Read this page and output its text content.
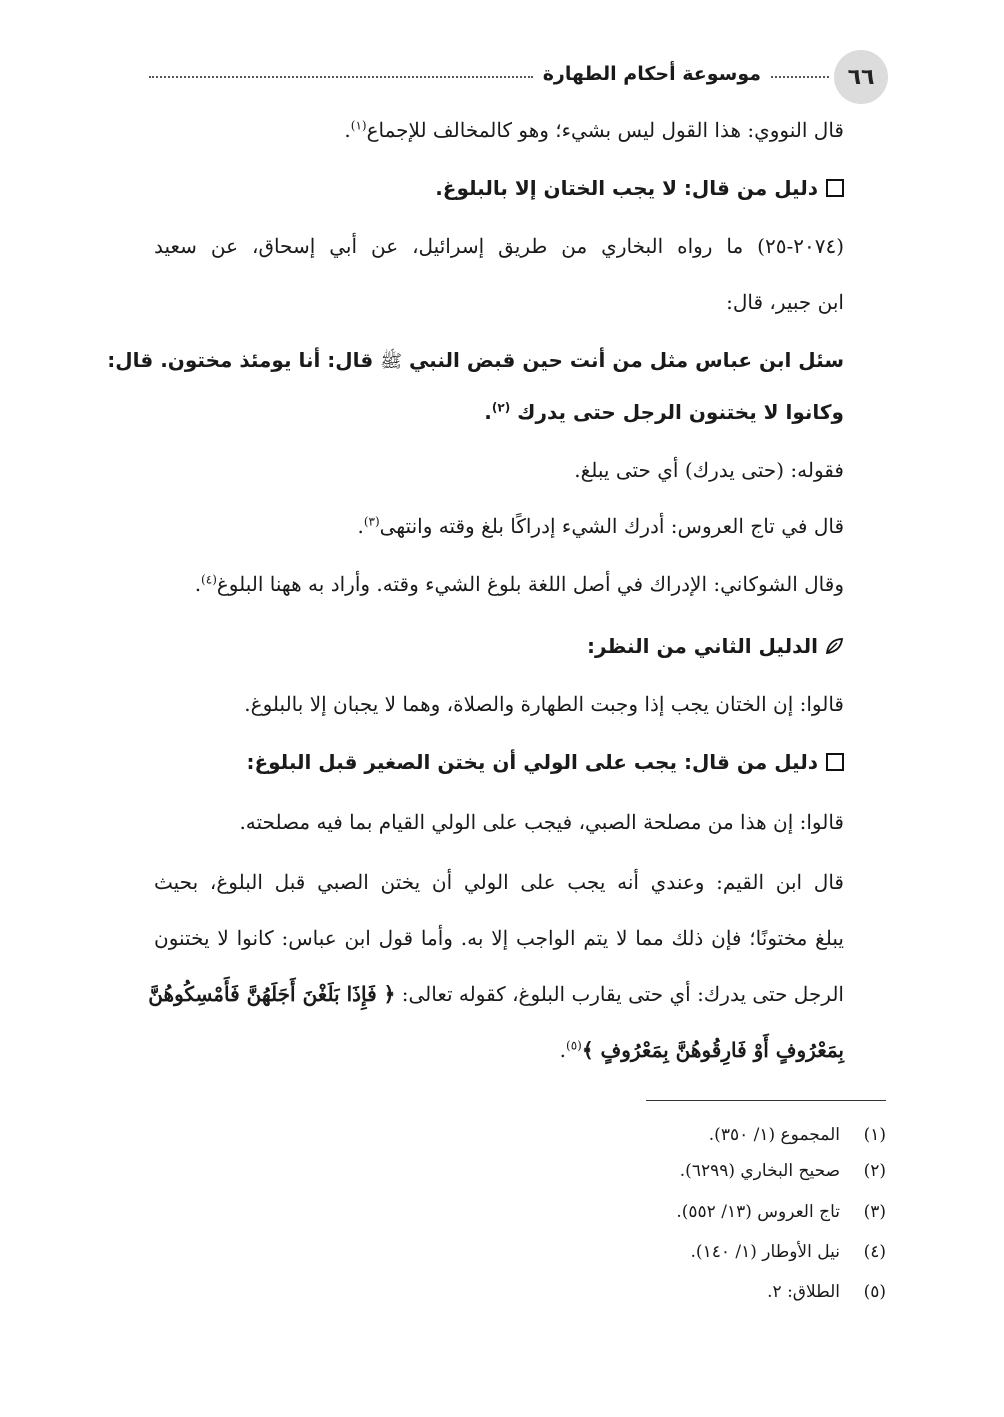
٦٦
موسوعة أحكام الطهارة
قال النووي: هذا القول ليس بشيء؛ وهو كالمخالف للإجماع$^{(١)}$.
دليل من قال: لا يجب الختان إلا بالبلوغ.
(٢٠٧٤-٢٥) ما رواه البخاري من طريق إسرائيل، عن أبي إسحاق، عن سعيد
ابن جبير، قال:
سئل ابن عباس مثل من أنت حين قبض النبي ﷺ قال: أنا يومئذ مختون. قال:
وكانوا لا يختنون الرجل حتى يدرك $^{(٢)}$.
فقوله: (حتى يدرك) أي حتى يبلغ.
قال في تاج العروس: أدرك الشيء إدراكًا بلغ وقته وانتهى$^{(٣)}$.
وقال الشوكاني: الإدراك في أصل اللغة بلوغ الشيء وقته. وأراد به ههنا البلوغ$^{(٤)}$.
الدليل الثاني من النظر:
قالوا: إن الختان يجب إذا وجبت الطهارة والصلاة، وهما لا يجبان إلا بالبلوغ.
دليل من قال: يجب على الولي أن يختن الصغير قبل البلوغ:
قالوا: إن هذا من مصلحة الصبي، فيجب على الولي القيام بما فيه مصلحته.
قال ابن القيم: وعندي أنه يجب على الولي أن يختن الصبي قبل البلوغ، بحيث
يبلغ مختونًا؛ فإن ذلك مما لا يتم الواجب إلا به. وأما قول ابن عباس: كانوا لا يختنون
الرجل حتى يدرك: أي حتى يقارب البلوغ، كقوله تعالى: ﴿ فَإِذَا بَلَغْنَ أَجَلَهُنَّ فَأَمْسِكُوهُنَّ
بِمَعْرُوفٍ أَوْ فَارِقُوهُنَّ بِمَعْرُوفٍ ﴾$^{(٥)}$.
(١)المجموع (١/ ٣٥٠).
(٢)صحيح البخاري (٦٢٩٩).
(٣)تاج العروس (١٣/ ٥٥٢).
(٤)نيل الأوطار (١/ ١٤٠).
(٥)الطلاق: ٢.
